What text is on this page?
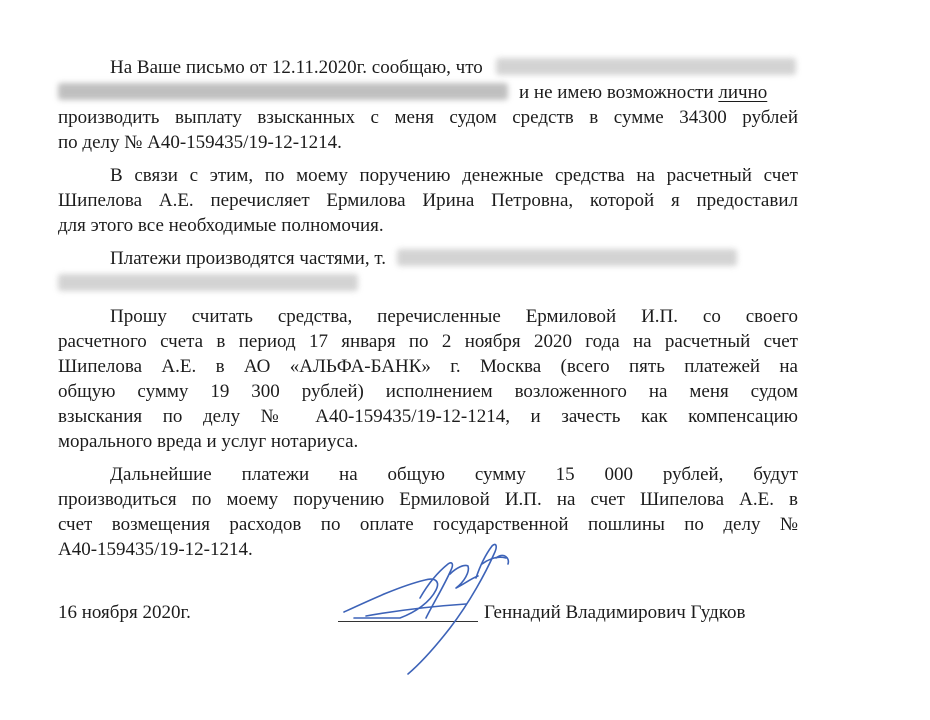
На Ваше письмо от 12.11.2020г. сообщаю, что
и не имею возможности лично
производить выплату взысканных с меня судом средств в сумме 34300 рублей
по делу № А40-159435/19-12-1214.
В связи с этим, по моему поручению денежные средства на расчетный счет
Шипелова А.Е. перечисляет Ермилова Ирина Петровна, которой я предоставил
для этого все необходимые полномочия.
Платежи производятся частями, т.
Прошу считать средства, перечисленные Ермиловой И.П. со своего
расчетного счета в период 17 января по 2 ноября 2020 года на расчетный счет
Шипелова А.Е. в АО «АЛЬФА-БАНК» г. Москва (всего пять платежей на
общую сумму 19 300 рублей) исполнением возложенного на меня судом
взыскания по делу № А40-159435/19-12-1214, и зачесть как компенсацию
морального вреда и услуг нотариуса.
Дальнейшие платежи на общую сумму 15 000 рублей, будут
производиться по моему поручению Ермиловой И.П. на счет Шипелова А.Е. в
счет возмещения расходов по оплате государственной пошлины по делу №
А40-159435/19-12-1214.
16 ноября 2020г.	Геннадий Владимирович Гудков
